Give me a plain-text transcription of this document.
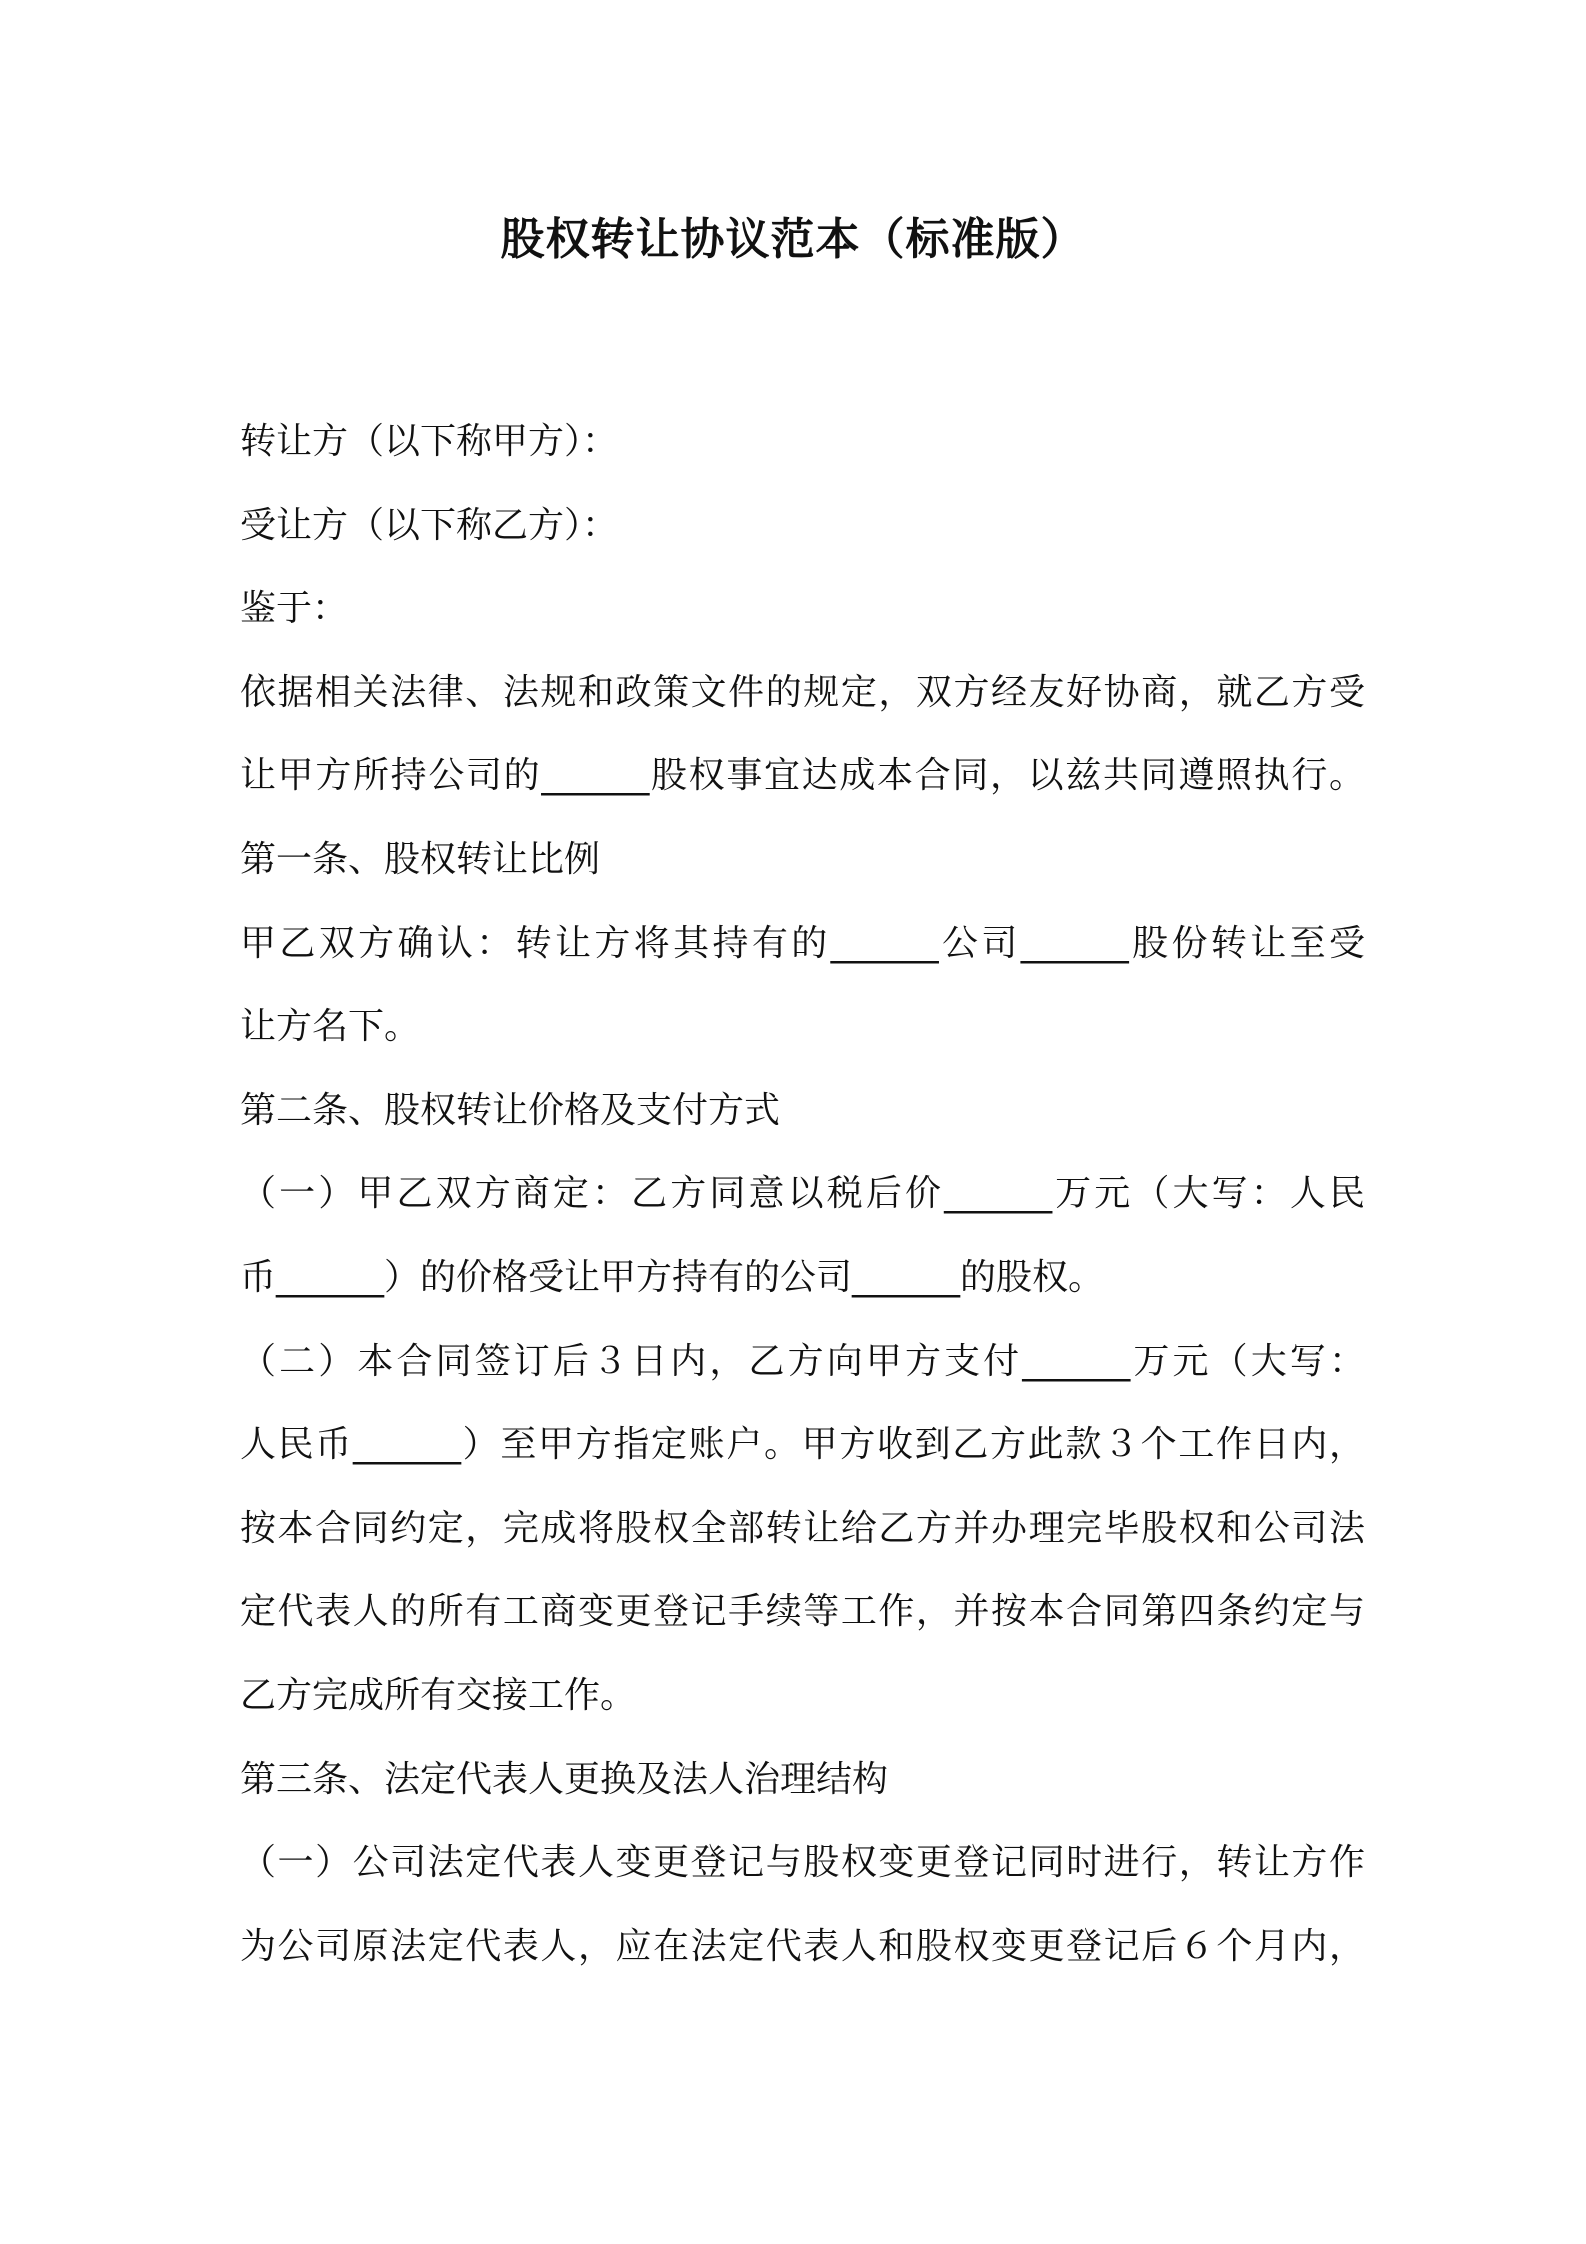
股权转让协议范本（标准版）
转让方（以下称甲方）：
受让方（以下称乙方）：
鉴于：
依据相关法律、法规和政策文件的规定，双方经友好协商，就乙方受
让甲方所持公司的______股权事宜达成本合同，以兹共同遵照执行。
第一条、股权转让比例
甲乙双方确认：转让方将其持有的______公司______股份转让至受
让方名下。
第二条、股权转让价格及支付方式
（一）甲乙双方商定：乙方同意以税后价______万元（大写：人民
币______）的价格受让甲方持有的公司______的股权。
（二）本合同签订后３日内，乙方向甲方支付______万元（大写：
人民币______）至甲方指定账户。甲方收到乙方此款３个工作日内，
按本合同约定，完成将股权全部转让给乙方并办理完毕股权和公司法
定代表人的所有工商变更登记手续等工作，并按本合同第四条约定与
乙方完成所有交接工作。
第三条、法定代表人更换及法人治理结构
（一）公司法定代表人变更登记与股权变更登记同时进行，转让方作
为公司原法定代表人，应在法定代表人和股权变更登记后６个月内，
